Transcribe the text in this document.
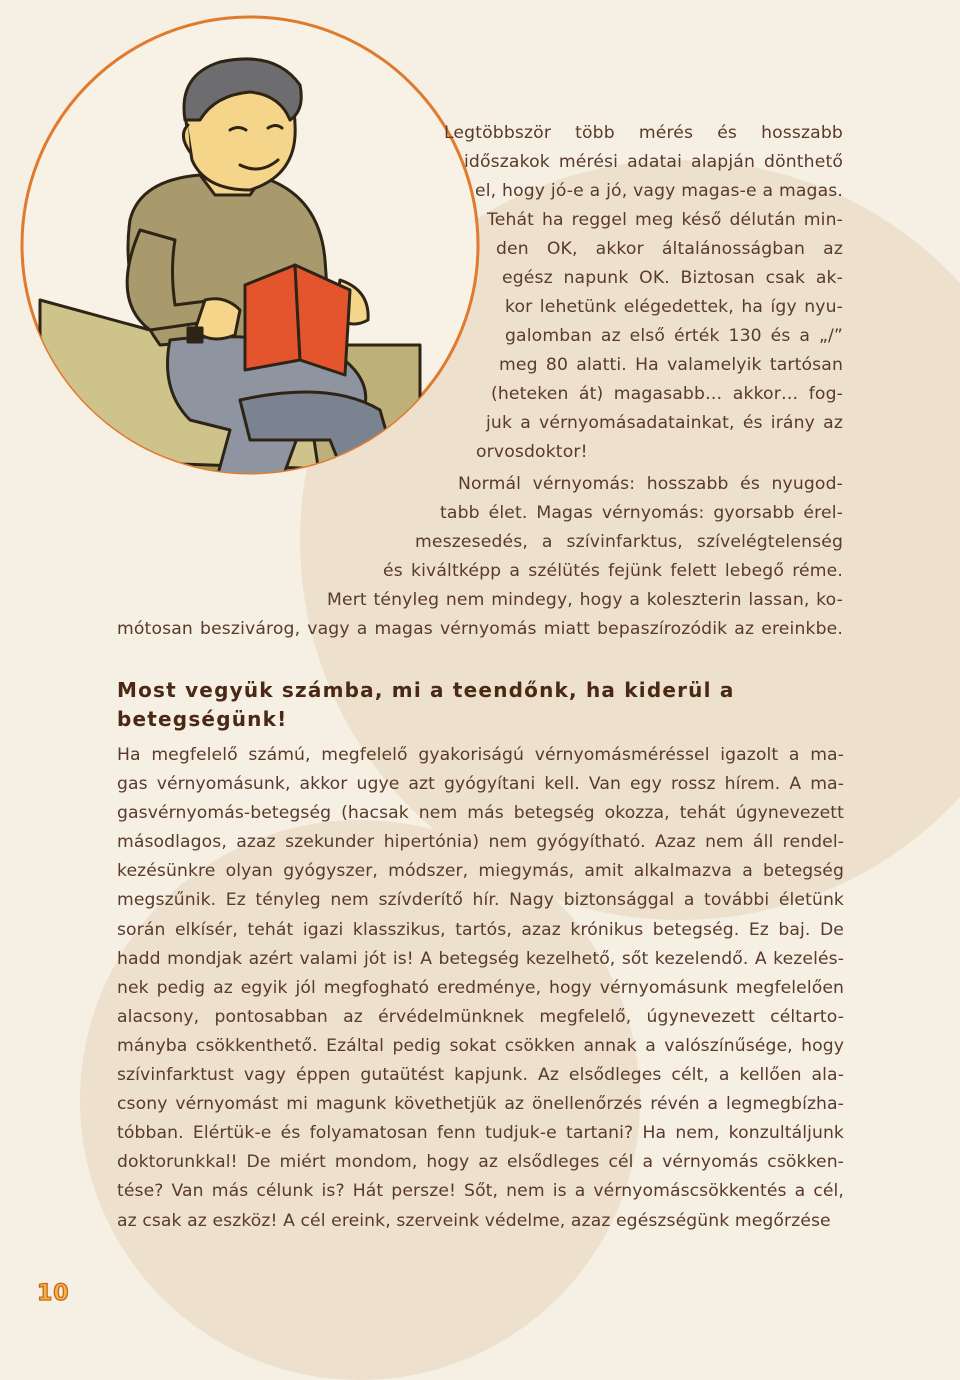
Legtöbbször több mérés és hosszabb
időszakok mérési adatai alapján dönthető
el, hogy jó-e a jó, vagy magas-e a magas.
Tehát ha reggel meg késő délután min-
den OK, akkor általánosságban az
egész napunk OK. Biztosan csak ak-
kor lehetünk elégedettek, ha így nyu-
galomban az első érték 130 és a „/”
meg 80 alatti. Ha valamelyik tartósan
(heteken át) magasabb… akkor… fog-
juk a vérnyomásadatainkat, és irány az
orvosdoktor!
Normál vérnyomás: hosszabb és nyugod-
tabb élet. Magas vérnyomás: gyorsabb érel-
meszesedés, a szívinfarktus, szívelégtelenség
és kiváltképp a szélütés fejünk felett lebegő réme.
Mert tényleg nem mindegy, hogy a koleszterin lassan, ko-
mótosan beszivárog, vagy a magas vérnyomás miatt bepaszírozódik az ereinkbe.
Most vegyük számba, mi a teendőnk, ha kiderül a
betegségünk!
Ha megfelelő számú, megfelelő gyakoriságú vérnyomásméréssel igazolt a ma-
gas vérnyomásunk, akkor ugye azt gyógyítani kell. Van egy rossz hírem. A ma-
gasvérnyomás-betegség (hacsak nem más betegség okozza, tehát úgynevezett
másodlagos, azaz szekunder hipertónia) nem gyógyítható. Azaz nem áll rendel-
kezésünkre olyan gyógyszer, módszer, miegymás, amit alkalmazva a betegség
megszűnik. Ez tényleg nem szívderítő hír. Nagy biztonsággal a további életünk
során elkísér, tehát igazi klasszikus, tartós, azaz krónikus betegség. Ez baj. De
hadd mondjak azért valami jót is! A betegség kezelhető, sőt kezelendő. A kezelés-
nek pedig az egyik jól megfogható eredménye, hogy vérnyomásunk megfelelően
alacsony, pontosabban az érvédelmünknek megfelelő, úgynevezett céltarto-
mányba csökkenthető. Ezáltal pedig sokat csökken annak a valószínűsége, hogy
szívinfarktust vagy éppen gutaütést kapjunk. Az elsődleges célt, a kellően ala-
csony vérnyomást mi magunk követhetjük az önellenőrzés révén a legmegbízha-
tóbban. Elértük-e és folyamatosan fenn tudjuk-e tartani? Ha nem, konzultáljunk
doktorunkkal! De miért mondom, hogy az elsődleges cél a vérnyomás csökken-
tése? Van más célunk is? Hát persze! Sőt, nem is a vérnyomáscsökkentés a cél,
az csak az eszköz! A cél ereink, szerveink védelme, azaz egészségünk megőrzése
10
